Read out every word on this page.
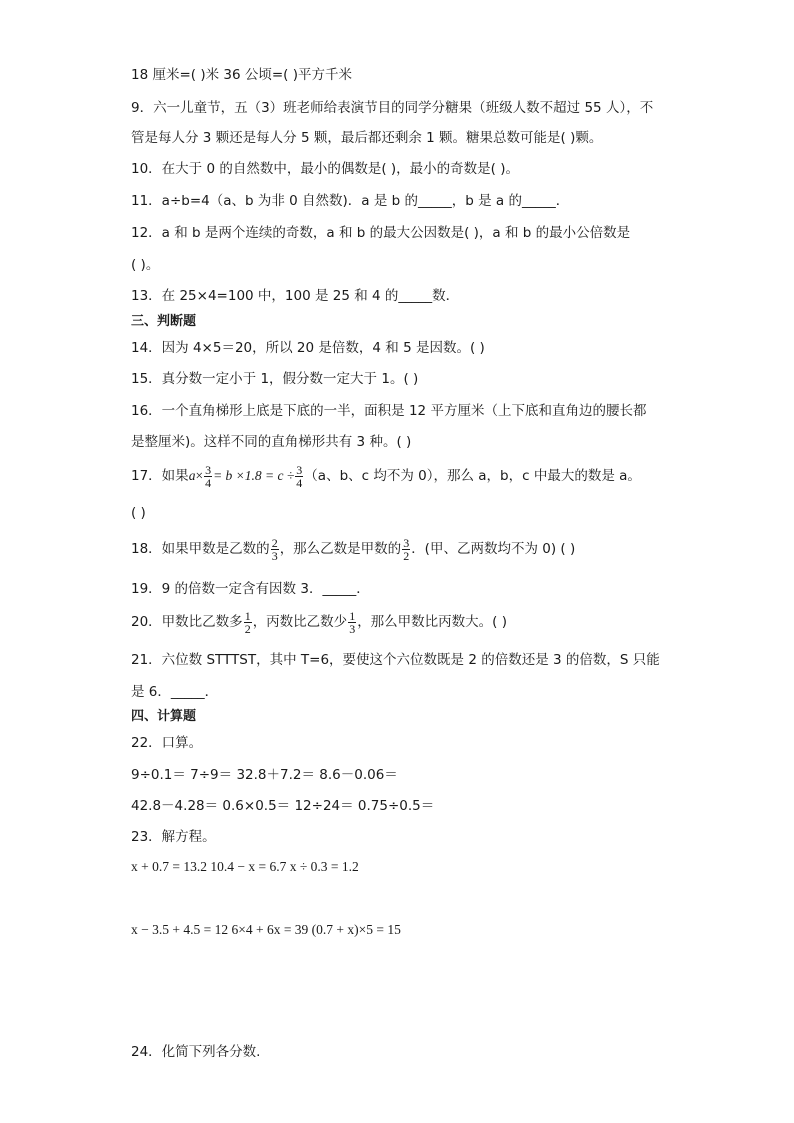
18 厘米=( )米 36 公顷=( )平方千米
9．六一儿童节，五（3）班老师给表演节目的同学分糖果（班级人数不超过 55 人），不
管是每人分 3 颗还是每人分 5 颗，最后都还剩余 1 颗。糖果总数可能是( )颗。
10．在大于 0 的自然数中，最小的偶数是( )，最小的奇数是( )。
11．a÷b=4（a、b 为非 0 自然数)．a 是 b 的_____，b 是 a 的_____．
12．a 和 b 是两个连续的奇数，a 和 b 的最大公因数是( )，a 和 b 的最小公倍数是
( )。
13．在 25×4=100 中，100 是 25 和 4 的_____数．
三、判断题
14．因为 4×5＝20，所以 20 是倍数，4 和 5 是因数。( )
15．真分数一定小于 1，假分数一定大于 1。( )
16．一个直角梯形上底是下底的一半，面积是 12 平方厘米（上下底和直角边的腰长都
是整厘米)。这样不同的直角梯形共有 3 种。( )
17．如果$a\times \frac{3}{4} = b \times 1.8 = c \div \frac{3}{4} (a$、b、c 均不为 0），那么 a，b，c 中最大的数是 a。
( )
18．如果甲数是乙数的 $\frac{2}{3}$ ，那么乙数是甲数的 $\frac{3}{2}$ ．(甲、乙两数均不为 0) ( )
19．9 的倍数一定含有因数 3．_____．
20．甲数比乙数多 $\frac{1}{2}$ ，丙数比乙数少 $\frac{1}{3}$ ，那么甲数比丙数大。( )
21．六位数 STTTST，其中 T=6，要使这个六位数既是 2 的倍数还是 3 的倍数，S 只能
是 6．_____．
四、计算题
22．口算。
9÷0.1＝ 7÷9＝ 32.8＋7.2＝ 8.6－0.06＝
42.8－4.28＝ 0.6×0.5＝ 12÷24＝ 0.75÷0.5＝
23．解方程。
x + 0.7 = 13.2 10.4 − x = 6.7 x ÷ 0.3 = 1.2
x − 3.5 + 4.5 = 12 6×4 + 6x = 39 (0.7 + x)×5 = 15
24．化简下列各分数.
